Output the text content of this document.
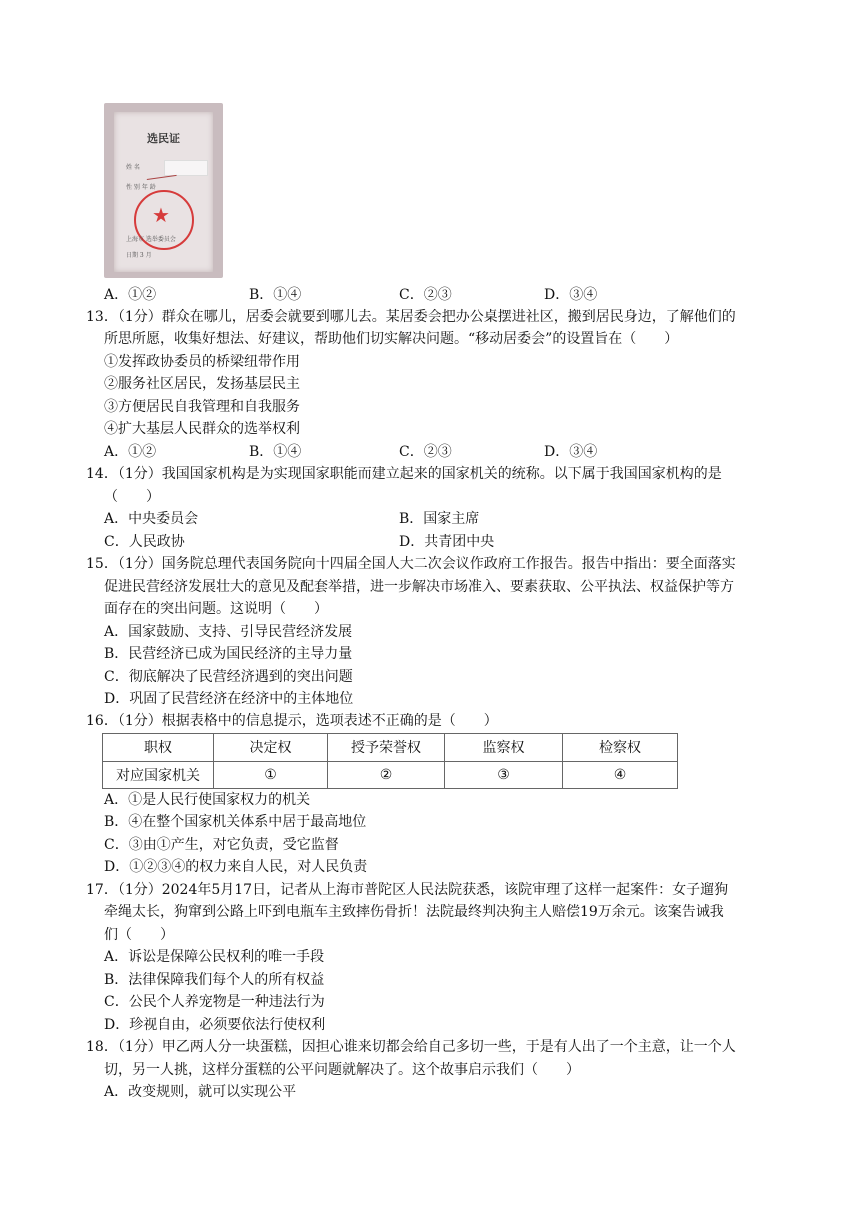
选民证
姓 名
性 别 年 龄
★
上海市 选举委员会
日期 3 月
A．①②	B．①④	C．②③	D．③④
13．（1分）群众在哪儿，居委会就要到哪儿去。某居委会把办公桌摆进社区，搬到居民身边，了解他们的
所思所愿，收集好想法、好建议，帮助他们切实解决问题。“移动居委会”的设置旨在（　　）
①发挥政协委员的桥梁纽带作用
②服务社区居民，发扬基层民主
③方便居民自我管理和自我服务
④扩大基层人民群众的选举权利
A．①②	B．①④	C．②③	D．③④
14．（1分）我国国家机构是为实现国家职能而建立起来的国家机关的统称。以下属于我国国家机构的是
（　　）
A．中央委员会	B．国家主席
C．人民政协	D．共青团中央
15．（1分）国务院总理代表国务院向十四届全国人大二次会议作政府工作报告。报告中指出：要全面落实
促进民营经济发展壮大的意见及配套举措，进一步解决市场准入、要素获取、公平执法、权益保护等方
面存在的突出问题。这说明（　　）
A．国家鼓励、支持、引导民营经济发展
B．民营经济已成为国民经济的主导力量
C．彻底解决了民营经济遇到的突出问题
D．巩固了民营经济在经济中的主体地位
16．（1分）根据表格中的信息提示，选项表述不正确的是（　　）
职权	决定权	授予荣誉权	监察权	检察权
对应国家机关	①	②	③	④
A．①是人民行使国家权力的机关
B．④在整个国家机关体系中居于最高地位
C．③由①产生，对它负责，受它监督
D．①②③④的权力来自人民，对人民负责
17．（1分）2024年5月17日，记者从上海市普陀区人民法院获悉，该院审理了这样一起案件：女子遛狗
牵绳太长，狗窜到公路上吓到电瓶车主致摔伤骨折！法院最终判决狗主人赔偿19万余元。该案告诫我
们（　　）
A．诉讼是保障公民权利的唯一手段
B．法律保障我们每个人的所有权益
C．公民个人养宠物是一种违法行为
D．珍视自由，必须要依法行使权利
18．（1分）甲乙两人分一块蛋糕，因担心谁来切都会给自己多切一些，于是有人出了一个主意，让一个人
切，另一人挑，这样分蛋糕的公平问题就解决了。这个故事启示我们（　　）
A．改变规则，就可以实现公平
